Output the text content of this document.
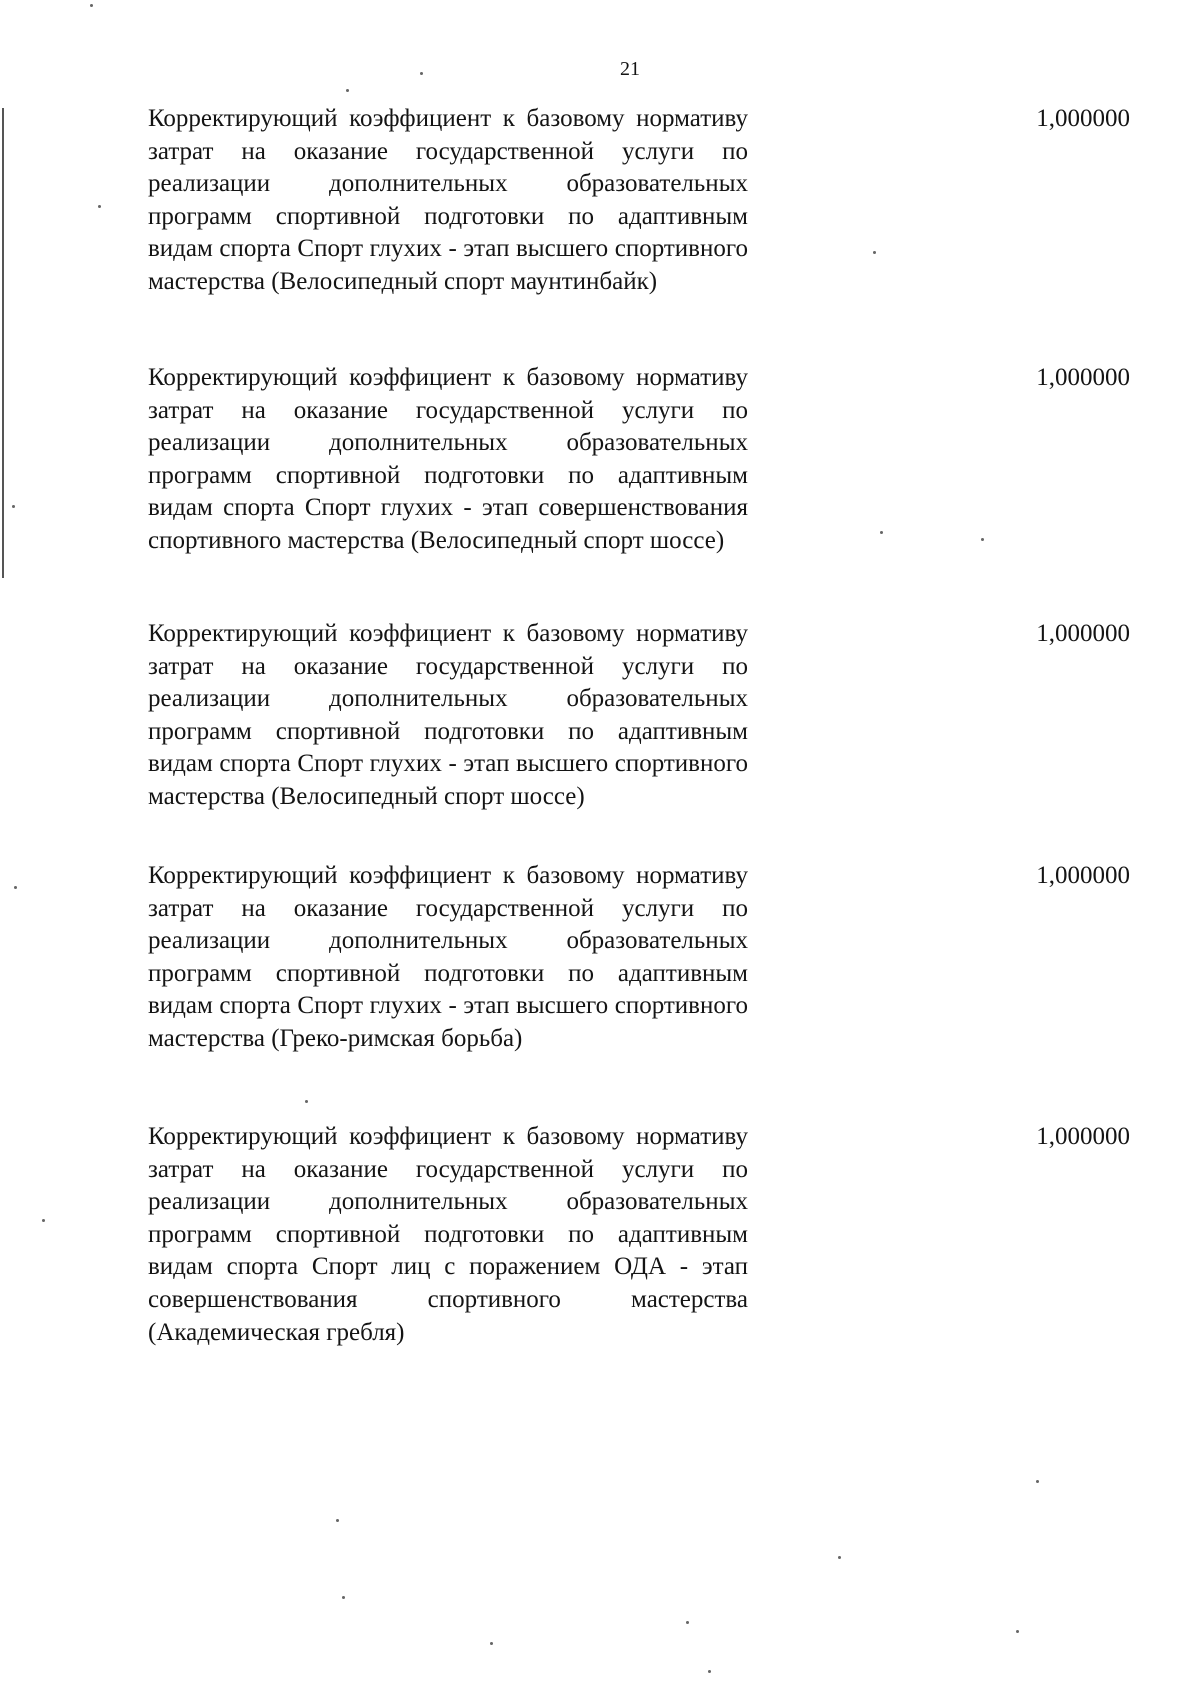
21

Корректирующий коэффициент к базовому нормативу затрат на оказание государственной услуги по реализации дополнительных образовательных программ спортивной подготовки по адаптивным видам спорта Спорт глухих - этап высшего спортивного мастерства (Велосипедный спорт маунтинбайк)

1,000000

Корректирующий коэффициент к базовому нормативу затрат на оказание государственной услуги по реализации дополнительных образовательных программ спортивной подготовки по адаптивным видам спорта Спорт глухих - этап совершенствования спортивного мастерства (Велосипедный спорт шоссе)

1,000000

Корректирующий коэффициент к базовому нормативу затрат на оказание государственной услуги по реализации дополнительных образовательных программ спортивной подготовки по адаптивным видам спорта Спорт глухих - этап высшего спортивного мастерства (Велосипедный спорт шоссе)

1,000000

Корректирующий коэффициент к базовому нормативу затрат на оказание государственной услуги по реализации дополнительных образовательных программ спортивной подготовки по адаптивным видам спорта Спорт глухих - этап высшего спортивного мастерства (Греко-римская борьба)

1,000000

Корректирующий коэффициент к базовому нормативу затрат на оказание государственной услуги по реализации дополнительных образовательных программ спортивной подготовки по адаптивным видам спорта Спорт лиц с поражением ОДА - этап совершенствования спортивного мастерства (Академическая гребля)

1,000000
